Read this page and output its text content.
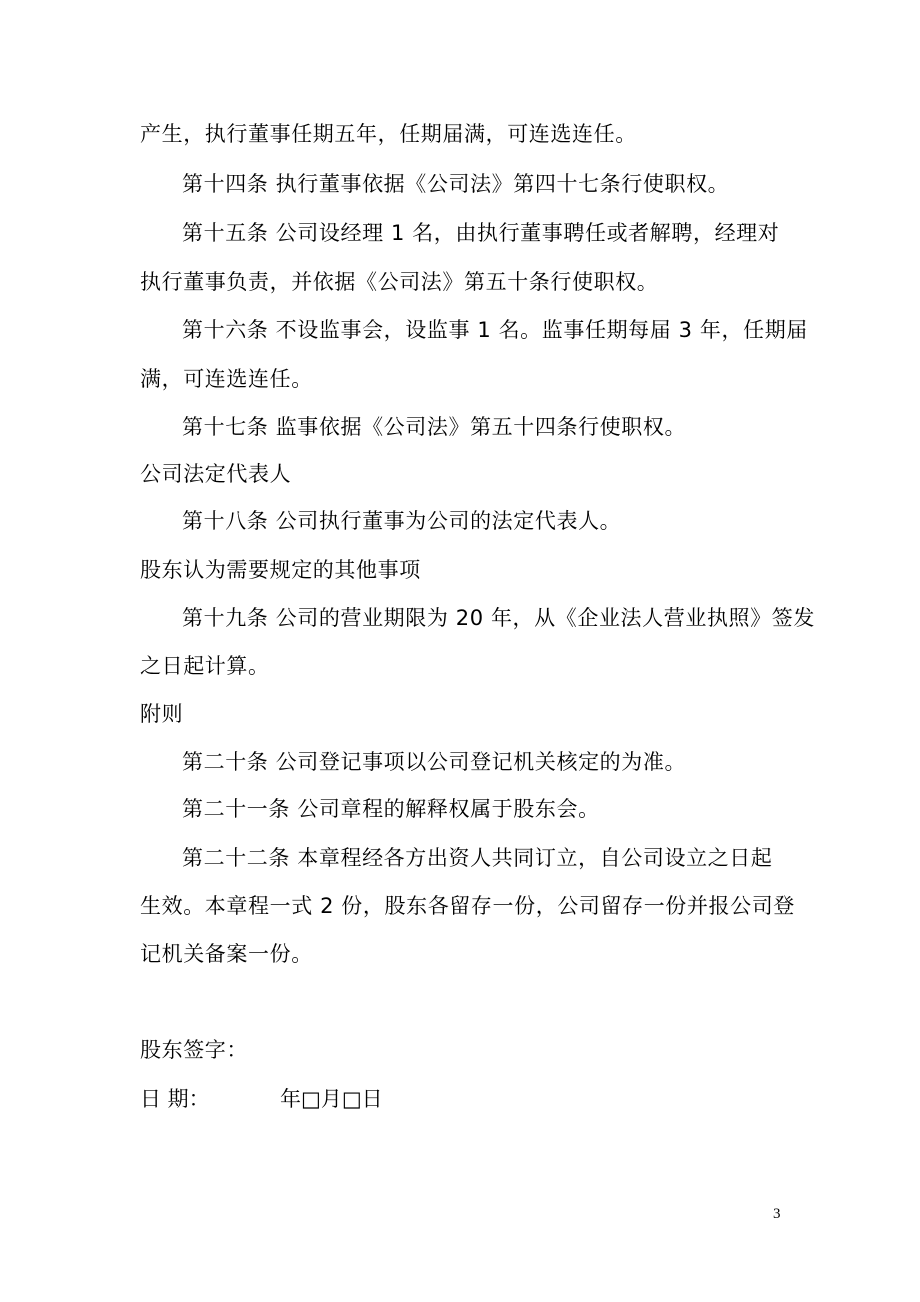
产生，执行董事任期五年，任期届满，可连选连任。
第十四条 执行董事依据《公司法》第四十七条行使职权。
第十五条 公司设经理 1 名，由执行董事聘任或者解聘，经理对
执行董事负责，并依据《公司法》第五十条行使职权。
第十六条 不设监事会，设监事 1 名。监事任期每届 3 年，任期届
满，可连选连任。
第十七条 监事依据《公司法》第五十四条行使职权。
公司法定代表人
第十八条 公司执行董事为公司的法定代表人。
股东认为需要规定的其他事项
第十九条 公司的营业期限为 20 年，从《企业法人营业执照》签发
之日起计算。
附则
第二十条 公司登记事项以公司登记机关核定的为准。
第二十一条 公司章程的解释权属于股东会。
第二十二条 本章程经各方出资人共同订立，自公司设立之日起
生效。本章程一式 2 份，股东各留存一份，公司留存一份并报公司登
记机关备案一份。
股东签字：
日 期：	年□月□日
3
